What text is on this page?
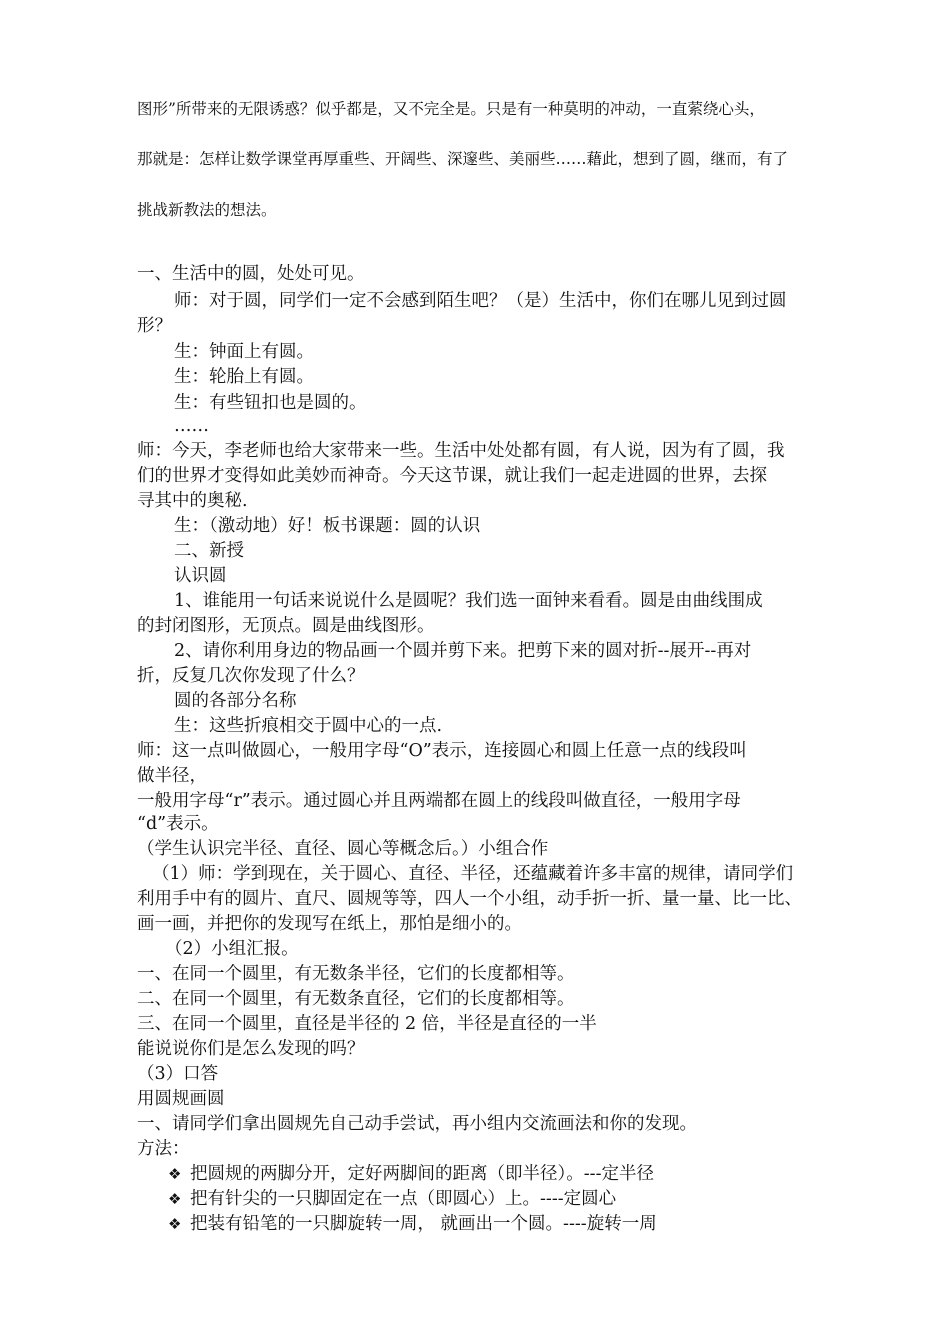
图形”所带来的无限诱惑？似乎都是，又不完全是。只是有一种莫明的冲动，一直萦绕心头，
那就是：怎样让数学课堂再厚重些、开阔些、深邃些、美丽些……藉此，想到了圆，继而，有了
挑战新教法的想法。
一、生活中的圆，处处可见。
师：对于圆，同学们一定不会感到陌生吧？（是）生活中，你们在哪儿见到过圆
形？
生：钟面上有圆。
生：轮胎上有圆。
生：有些钮扣也是圆的。
……
师：今天，李老师也给大家带来一些。生活中处处都有圆，有人说，因为有了圆，我
们的世界才变得如此美妙而神奇。今天这节课，就让我们一起走进圆的世界，去探
寻其中的奥秘.
生：（激动地）好！板书课题：圆的认识
二、新授
认识圆
1、谁能用一句话来说说什么是圆呢？我们选一面钟来看看。圆是由曲线围成
的封闭图形，无顶点。圆是曲线图形。
2、请你利用身边的物品画一个圆并剪下来。把剪下来的圆对折--展开--再对
折，反复几次你发现了什么？
圆的各部分名称
生：这些折痕相交于圆中心的一点.
师：这一点叫做圆心，一般用字母“O”表示，连接圆心和圆上任意一点的线段叫
做半径，
一般用字母“r”表示。通过圆心并且两端都在圆上的线段叫做直径，一般用字母
“d”表示。
（学生认识完半径、直径、圆心等概念后。）小组合作
（1）师：学到现在，关于圆心、直径、半径，还蕴藏着许多丰富的规律，请同学们
利用手中有的圆片、直尺、圆规等等，四人一个小组，动手折一折、量一量、比一比、
画一画，并把你的发现写在纸上，那怕是细小的。
（2）小组汇报。
一、在同一个圆里，有无数条半径，它们的长度都相等。
二、在同一个圆里，有无数条直径，它们的长度都相等。
三、在同一个圆里，直径是半径的 2 倍，半径是直径的一半
能说说你们是怎么发现的吗？
（3）口答
用圆规画圆
一、请同学们拿出圆规先自己动手尝试，再小组内交流画法和你的发现。
方法：
❖ 把圆规的两脚分开，定好两脚间的距离（即半径）。---定半径
❖ 把有针尖的一只脚固定在一点（即圆心）上。----定圆心
❖ 把装有铅笔的一只脚旋转一周， 就画出一个圆。----旋转一周
